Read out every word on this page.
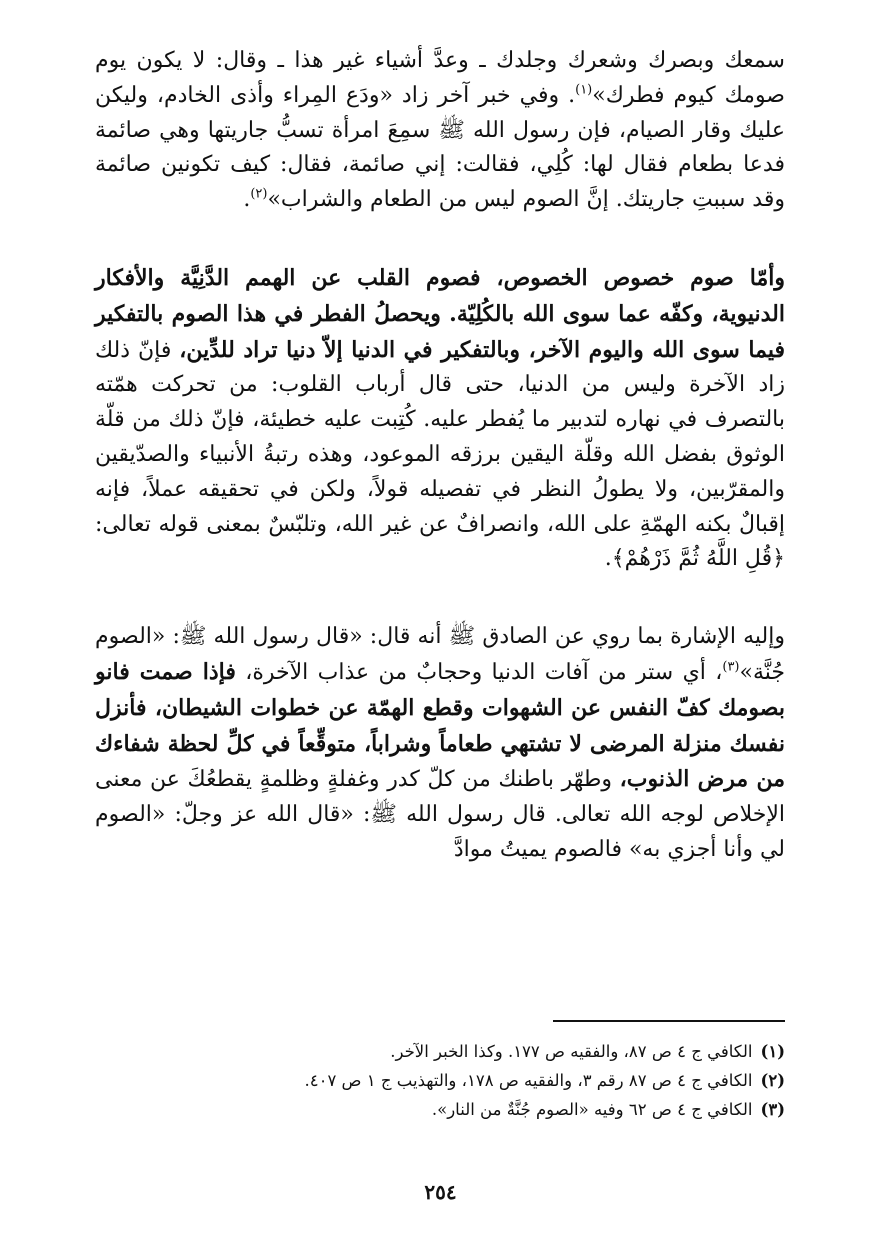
سمعك وبصرك وشعرك وجلدك ـ وعدَّ أشياء غير هذا ـ وقال: لا يكون يوم صومك كيوم فطرك»$^{(١)}$. وفي خبر آخر زاد «ودَع المِراء وأذى الخادم، وليكن عليك وقار الصيام، فإن رسول الله ﷺ سمِعَ امرأة تسبُّ جاريتها وهي صائمة فدعا بطعام فقال لها: كُلِي، فقالت: إني صائمة، فقال: كيف تكونين صائمة وقد سببتِ جاريتك. إنَّ الصوم ليس من الطعام والشراب»$^{(٢)}$.

وأمّا صوم خصوص الخصوص، فصوم القلب عن الهمم الدَّنِيَّة والأفكار الدنيوية، وكفّه عما سوى الله بالكُلِيّة. ويحصلُ الفطر في هذا الصوم بالتفكير فيما سوى الله واليوم الآخر، وبالتفكير في الدنيا إلاّ دنيا تراد للدِّين، فإنّ ذلك زاد الآخرة وليس من الدنيا، حتى قال أرباب القلوب: من تحركت همّته بالتصرف في نهاره لتدبير ما يُفطر عليه. كُتِبت عليه خطيئة، فإنّ ذلك من قلّة الوثوق بفضل الله وقلّة اليقين برزقه الموعود، وهذه رتبةُ الأنبياء والصدّيقين والمقرّبين، ولا يطولُ النظر في تفصيله قولاً، ولكن في تحقيقه عملاً، فإنه إقبالٌ بكنه الهمّةِ على الله، وانصرافٌ عن غير الله، وتلبّسٌ بمعنى قوله تعالى: ﴿قُلِ اللَّهُ ثُمَّ ذَرْهُمْ﴾.

وإليه الإشارة بما روي عن الصادق ﷺ أنه قال: «قال رسول الله ﷺ: «الصوم جُنَّة»$^{(٣)}$، أي ستر من آفات الدنيا وحجابٌ من عذاب الآخرة، فإذا صمت فانو بصومك كفّ النفس عن الشهوات وقطع الهمّة عن خطوات الشيطان، فأنزل نفسك منزلة المرضى لا تشتهي طعاماً وشراباً، متوقِّعاً في كلِّ لحظة شفاءك من مرض الذنوب، وطهّر باطنك من كلّ كدر وغفلةٍ وظلمةٍ يقطعُكَ عن معنى الإخلاص لوجه الله تعالى. قال رسول الله ﷺ: «قال الله عز وجلّ: «الصوم لي وأنا أجزي به» فالصوم يميتُ موادَّ

(١)الكافي ج ٤ ص ٨٧، والفقيه ص ١٧٧. وكذا الخبر الآخر.

(٢)الكافي ج ٤ ص ٨٧ رقم ٣، والفقيه ص ١٧٨، والتهذيب ج ١ ص ٤٠٧.

(٣)الكافي ج ٤ ص ٦٢ وفيه «الصوم جُنَّةٌ من النار».

٢٥٤
